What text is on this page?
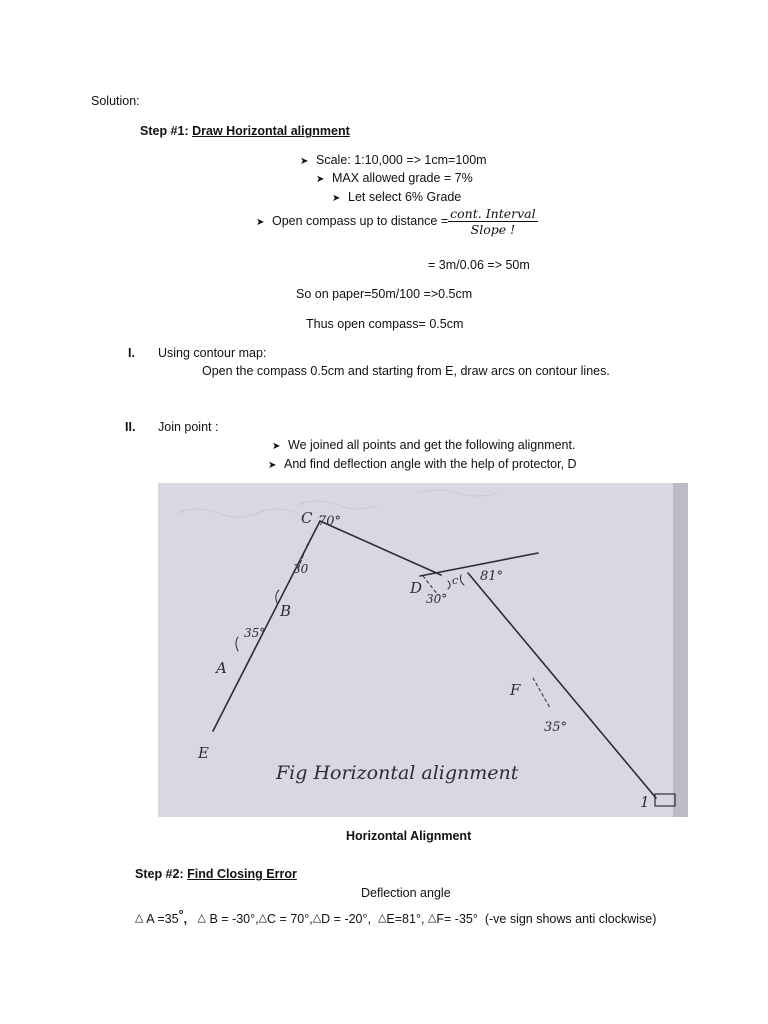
Solution:
Step #1: Draw Horizontal alignment
➤ Scale: 1:10,000 => 1cm=100m
➤ MAX allowed grade = 7%
➤ Let select 6% Grade
➤ Open compass up to distance = $\frac{\text{cont. Interval}}{\text{Slope !}}$
= 3m/0.06 => 50m
So on paper=50m/100 =>0.5cm
Thus open compass= 0.5cm
I. Using contour map:
Open the compass 0.5cm and starting from E, draw arcs on contour lines.
II. Join point :
➤ We joined all points and get the following alignment.
➤ And find deflection angle with the help of protector, D
C 70°
D
30°
c 81°
B
30
35°
A
F
35°
E
1
Fig Horizontal alignment
Horizontal Alignment
Step #2: Find Closing Error
Deflection angle
△ A =35°,   △ B = -30°,△C = 70°,△D = -20°, △E=81°, △F= -35° (-ve sign shows anti clockwise)
